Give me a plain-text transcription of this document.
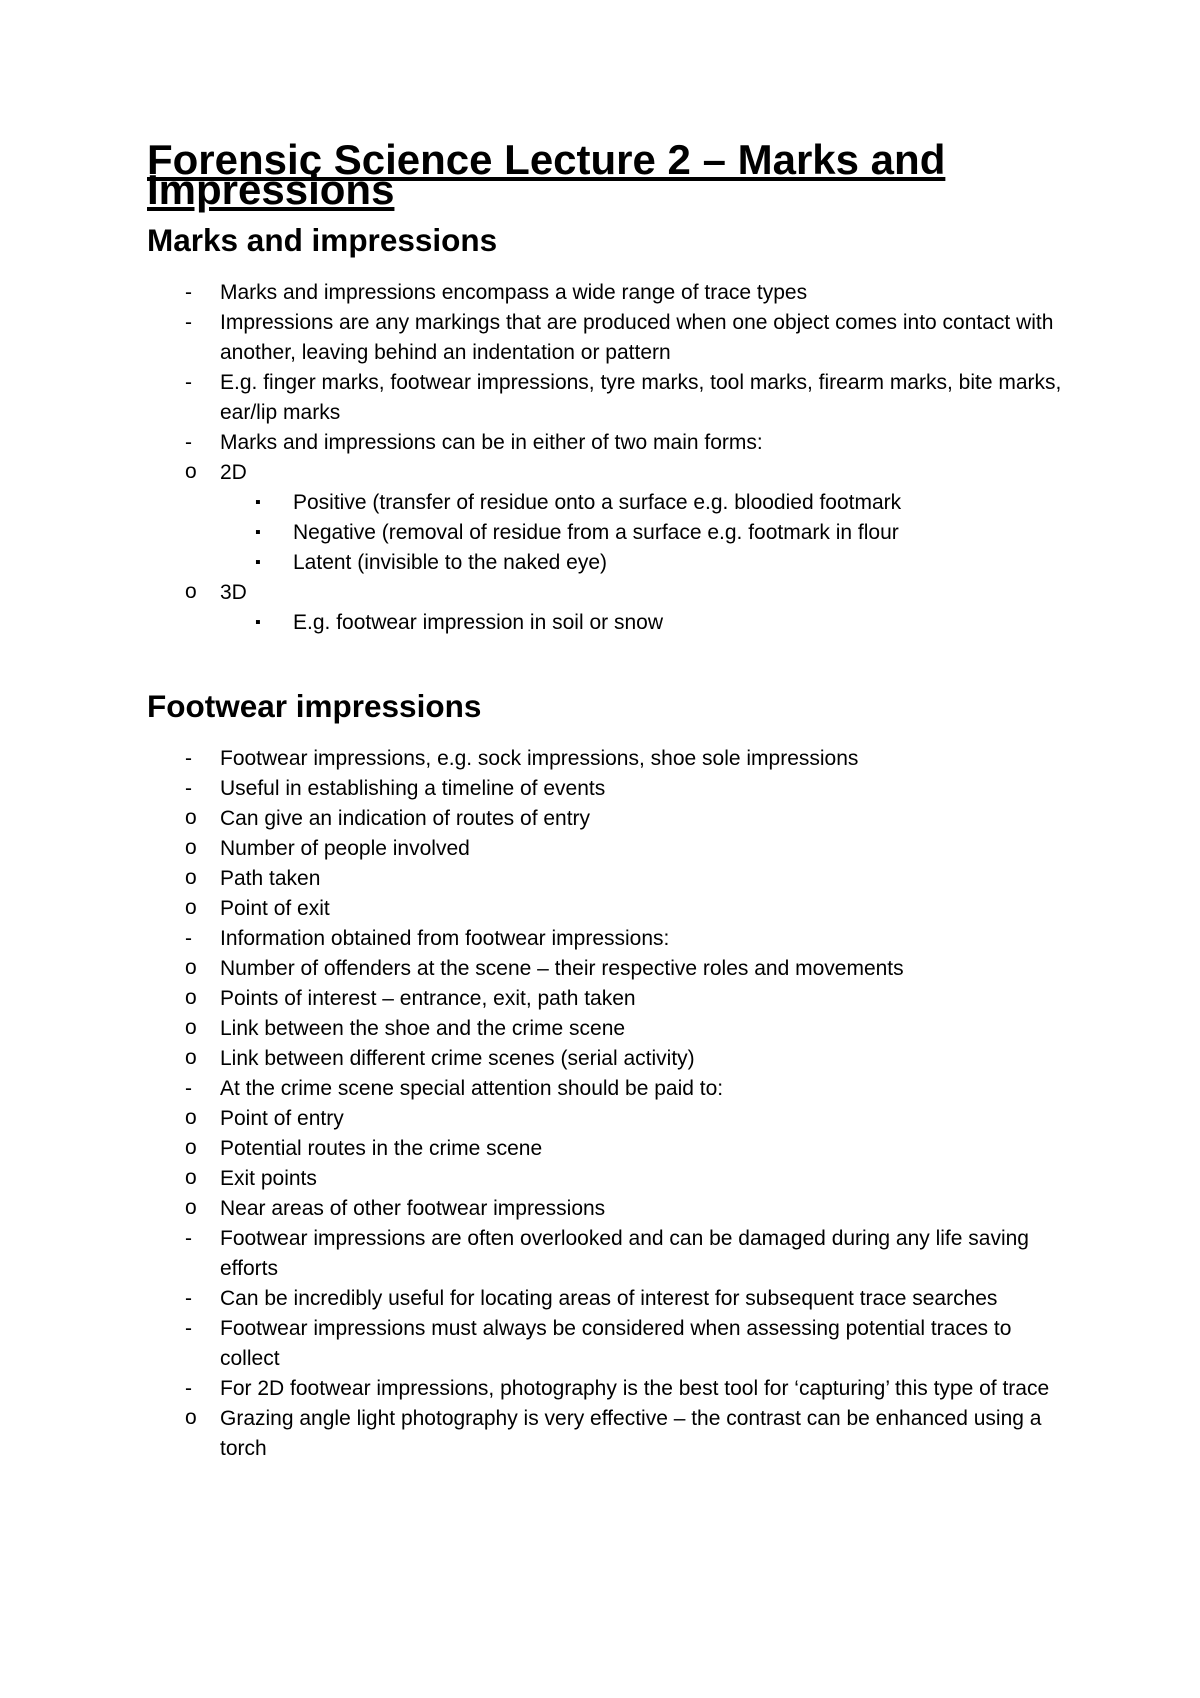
Forensic Science Lecture 2 – Marks and Impressions
Marks and impressions
- Marks and impressions encompass a wide range of trace types
- Impressions are any markings that are produced when one object comes into contact with another, leaving behind an indentation or pattern
- E.g. finger marks, footwear impressions, tyre marks, tool marks, firearm marks, bite marks, ear/lip marks
- Marks and impressions can be in either of two main forms:
o 2D
▪ Positive (transfer of residue onto a surface e.g. bloodied footmark
▪ Negative (removal of residue from a surface e.g. footmark in flour
▪ Latent (invisible to the naked eye)
o 3D
▪ E.g. footwear impression in soil or snow
Footwear impressions
- Footwear impressions, e.g. sock impressions, shoe sole impressions
- Useful in establishing a timeline of events
o Can give an indication of routes of entry
o Number of people involved
o Path taken
o Point of exit
- Information obtained from footwear impressions:
o Number of offenders at the scene – their respective roles and movements
o Points of interest – entrance, exit, path taken
o Link between the shoe and the crime scene
o Link between different crime scenes (serial activity)
- At the crime scene special attention should be paid to:
o Point of entry
o Potential routes in the crime scene
o Exit points
o Near areas of other footwear impressions
- Footwear impressions are often overlooked and can be damaged during any life saving efforts
- Can be incredibly useful for locating areas of interest for subsequent trace searches
- Footwear impressions must always be considered when assessing potential traces to collect
- For 2D footwear impressions, photography is the best tool for ‘capturing’ this type of trace
o Grazing angle light photography is very effective – the contrast can be enhanced using a torch
